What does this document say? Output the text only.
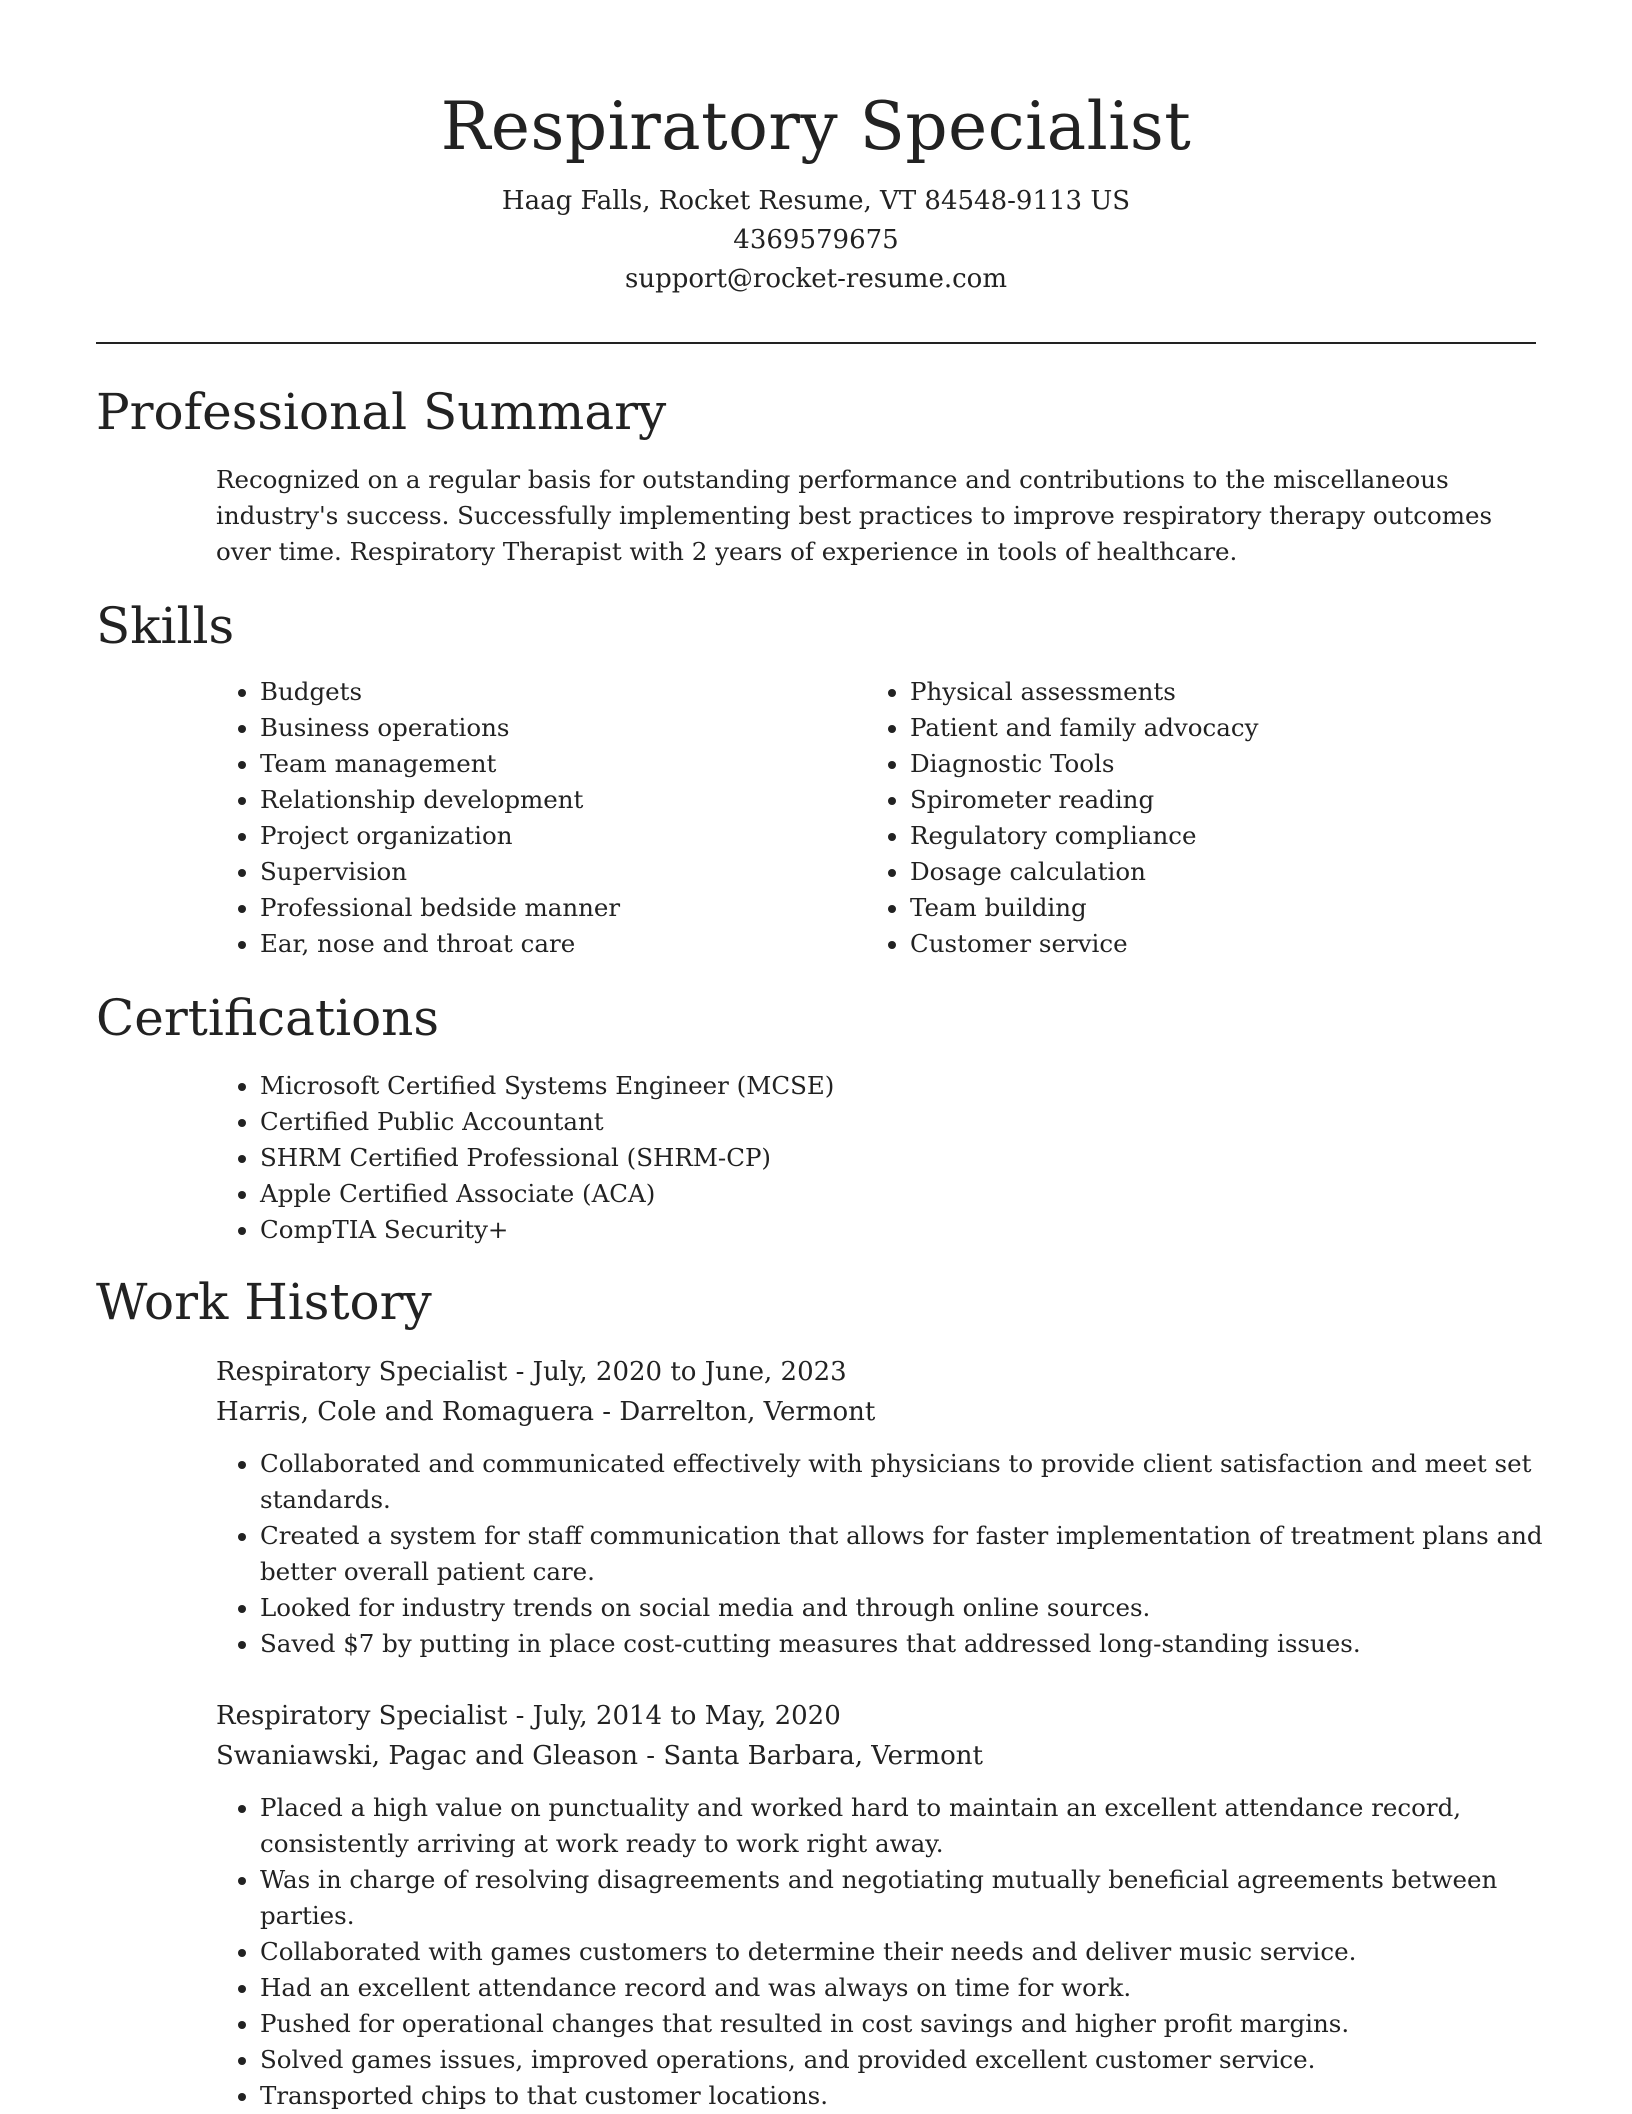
Respiratory Specialist
Haag Falls, Rocket Resume, VT 84548-9113 US
4369579675
support@rocket-resume.com
Professional Summary

Recognized on a regular basis for outstanding performance and contributions to the miscellaneous industry's success. Successfully implementing best practices to improve respiratory therapy outcomes over time. Respiratory Therapist with 2 years of experience in tools of healthcare.

Skills
• Budgets
• Business operations
• Team management
• Relationship development
• Project organization
• Supervision
• Professional bedside manner
• Ear, nose and throat care
• Physical assessments
• Patient and family advocacy
• Diagnostic Tools
• Spirometer reading
• Regulatory compliance
• Dosage calculation
• Team building
• Customer service
Certifications
• Microsoft Certified Systems Engineer (MCSE)
• Certified Public Accountant
• SHRM Certified Professional (SHRM-CP)
• Apple Certified Associate (ACA)
• CompTIA Security+
Work History
Respiratory Specialist - July, 2020 to June, 2023
Harris, Cole and Romaguera - Darrelton, Vermont
• Collaborated and communicated effectively with physicians to provide client satisfaction and meet set standards.
• Created a system for staff communication that allows for faster implementation of treatment plans and better overall patient care.
• Looked for industry trends on social media and through online sources.
• Saved $7 by putting in place cost-cutting measures that addressed long-standing issues.
Respiratory Specialist - July, 2014 to May, 2020
Swaniawski, Pagac and Gleason - Santa Barbara, Vermont
• Placed a high value on punctuality and worked hard to maintain an excellent attendance record, consistently arriving at work ready to work right away.
• Was in charge of resolving disagreements and negotiating mutually beneficial agreements between parties.
• Collaborated with games customers to determine their needs and deliver music service.
• Had an excellent attendance record and was always on time for work.
• Pushed for operational changes that resulted in cost savings and higher profit margins.
• Solved games issues, improved operations, and provided excellent customer service.
• Transported chips to that customer locations.
